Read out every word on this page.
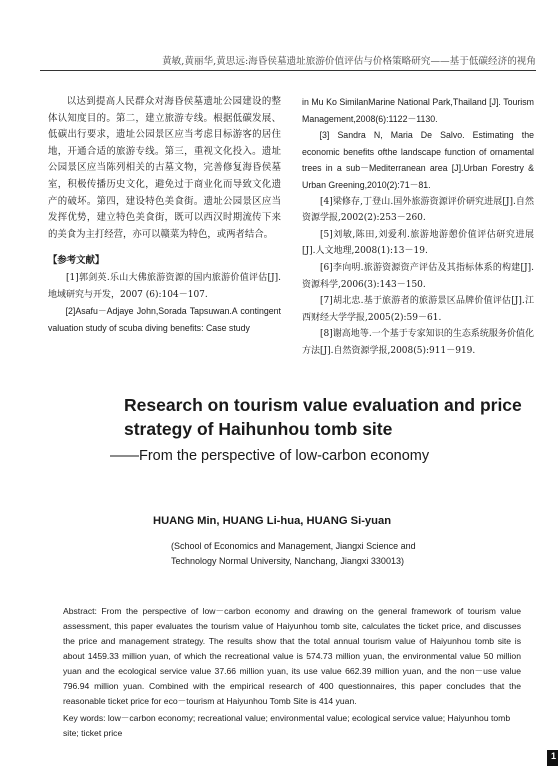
黄敏,黄丽华,黄思远:海昏侯墓遗址旅游价值评估与价格策略研究——基于低碳经济的视角

以达到提高人民群众对海昏侯墓遗址公园建设的整体认知度目的。第二，建立旅游专线。根据低碳发展、低碳出行要求，遗址公园景区应当考虑目标游客的居住地，开通合适的旅游专线。第三，重视文化投入。遗址公园景区应当陈列相关的古墓文物，完善修复海昏侯墓室，积极传播历史文化，避免过于商业化而导致文化遗产的破坏。第四，建设特色美食街。遗址公园景区应当发挥优势，建立特色美食街，既可以西汉时期流传下来的美食为主打经营，亦可以赣菜为特色，或两者结合。

【参考文献】

[1]郭剑英.乐山大佛旅游资源的国内旅游价值评估[J].地域研究与开发，2007 (6):104－107.

[2]Asafu－Adjaye John,Sorada Tapsuwan.A contingent valuation study of scuba diving benefits: Case study

in Mu Ko SimilanMarine National Park,Thailand [J]. Tourism Management,2008(6):1122－1130.

[3] Sandra N, Maria De Salvo. Estimating the economic benefits ofthe landscape function of ornamental trees in a sub－Mediterranean area [J].Urban Forestry & Urban Greening,2010(2):71－81.

[4]梁修存,丁登山.国外旅游资源评价研究进展[J].自然资源学报,2002(2):253－260.

[5]刘敏,陈田,刘爱利.旅游地游憩价值评估研究进展[J].人文地理,2008(1):13－19.

[6]李向明.旅游资源资产评估及其指标体系的构建[J].资源科学,2006(3):143－150.

[7]胡北忠.基于旅游者的旅游景区品牌价值评估[J].江西财经大学学报,2005(2):59－61.

[8]谢高地等.一个基于专家知识的生态系统服务价值化方法[J].自然资源学报,2008(5):911－919.

Research on tourism value evaluation and price strategy of Haihunhou tomb site
——From the perspective of low-carbon economy
HUANG Min, HUANG Li-hua, HUANG Si-yuan
(School of Economics and Management, Jiangxi Science and Technology Normal University, Nanchang, Jiangxi 330013)
Abstract: From the perspective of low－carbon economy and drawing on the general framework of tourism value assessment, this paper evaluates the tourism value of Haiyunhou tomb site, calculates the ticket price, and discusses the price and management strategy. The results show that the total annual tourism value of Haiyunhou tomb site is about 1459.33 million yuan, of which the recreational value is 574.73 million yuan, the environmental value 50 million yuan and the ecological service value 37.66 million yuan, its use value 662.39 million yuan, and the non－use value 796.94 million yuan. Combined with the empirical research of 400 questionnaires, this paper concludes that the reasonable ticket price for eco－tourism at Haiyunhou Tomb Site is 414 yuan.
Key words: low－carbon economy; recreational value; environmental value; ecological service value; Haiyunhou tomb site; ticket price
1
